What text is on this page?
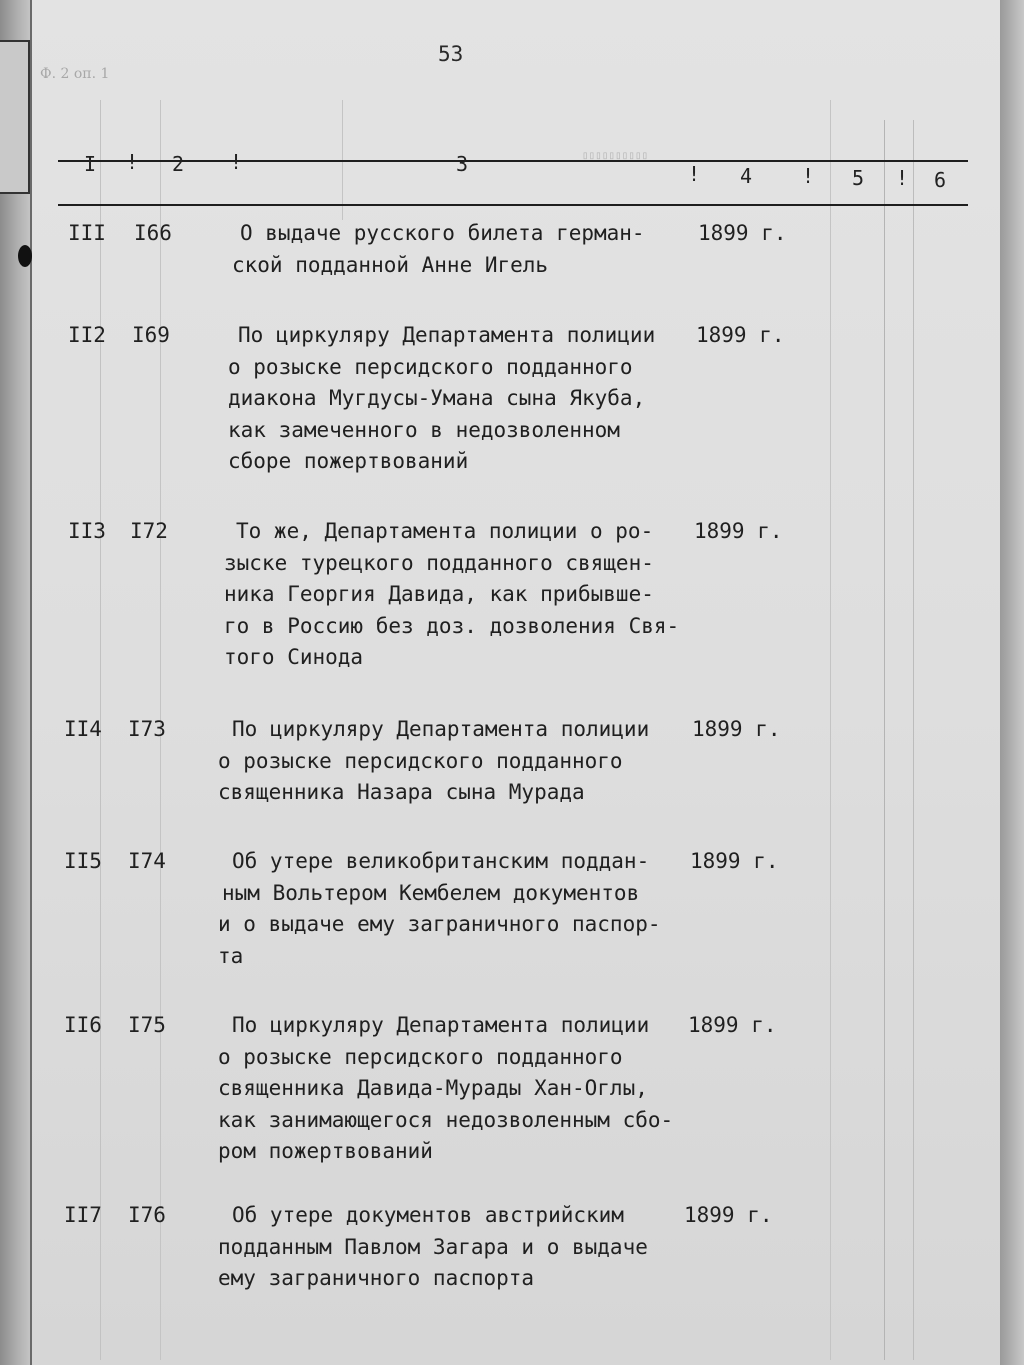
Ф. 2 оп. 1
53
▯▯▯▯▯▯▯▯▯▯
I ! 2 !	3	! 4 ! 5 ! 6
III I66	О выдаче русского билета герман-
ской подданной Анне Игель
1899 г.
II2 I69	По циркуляру Департамента полиции
о розыске персидского подданного
диакона Мугдусы-Умана сына Якуба,
как замеченного в недозволенном
сборе пожертвований
1899 г.
II3 I72	То же, Департамента полиции о ро-
зыске турецкого подданного священ-
ника Георгия Давида, как прибывше-
го в Россию без доз. дозволения Свя-
того Синода
1899 г.
II4 I73	По циркуляру Департамента полиции
о розыске персидского подданного
священника Назара сына Мурада
1899 г.
II5 I74	Об утере великобританским поддан-
ным Вольтером Кембелем документов
и о выдаче ему заграничного паспор-
та
1899 г.
II6 I75	По циркуляру Департамента полиции
о розыске персидского подданного
священника Давида-Мурады Хан-Оглы,
как занимающегося недозволенным сбо-
ром пожертвований
1899 г.
II7 I76	Об утере документов австрийским
подданным Павлом Загара и о выдаче
ему заграничного паспорта
1899 г.
